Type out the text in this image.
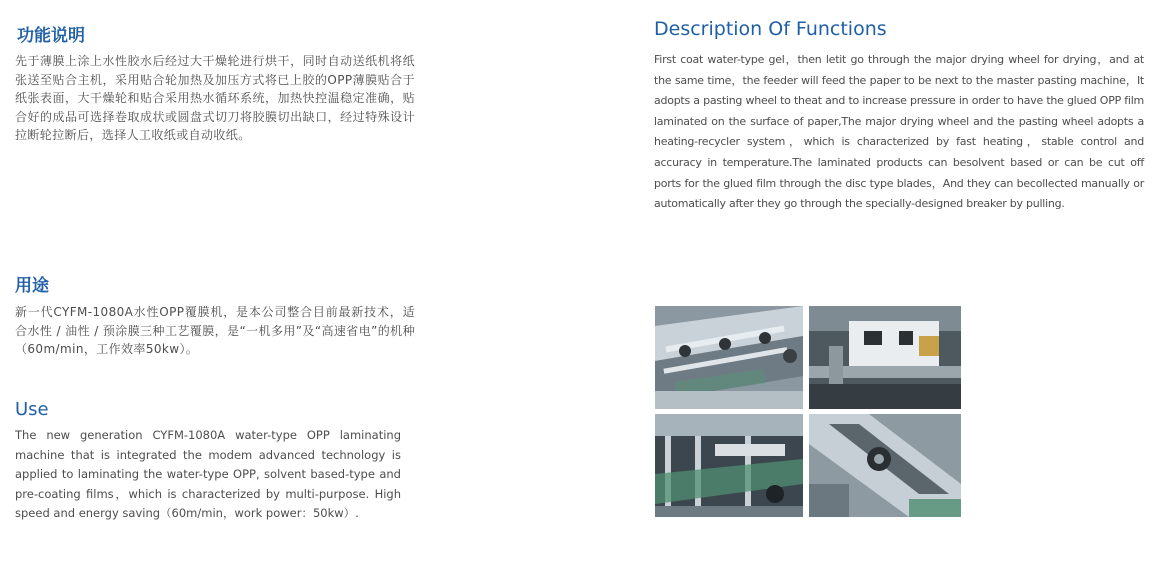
功能说明

先于薄膜上涂上水性胶水后经过大干燥轮进行烘干，同时自动送纸机将纸张送至贴合主机，采用贴合轮加热及加压方式将已上胶的OPP薄膜贴合于纸张表面，大干燥轮和贴合采用热水循环系统，加热快控温稳定准确，贴合好的成品可选择卷取成状或圆盘式切刀将胶膜切出缺口，经过特殊设计拉断轮拉断后，选择人工收纸或自动收纸。

Description Of Functions

First coat water-type gel，then letit go through the major drying wheel for drying，and at the same time，the feeder will feed the paper to be next to the master pasting machine，It adopts a pasting wheel to theat and to increase pressure in order to have the glued OPP film laminated on the surface of paper,The major drying wheel and the pasting wheel adopts a heating-recycler system，which is characterized by fast heating，stable control and accuracy in temperature.The laminated products can besolvent based or can be cut off ports for the glued film through the disc type blades，And they can becollected manually or automatically after they go through the specially-designed breaker by pulling.

用途

新一代CYFM-1080A水性OPP覆膜机，是本公司整合目前最新技术，适合水性 / 油性 / 预涂膜三种工艺覆膜，是“一机多用”及“高速省电”的机种（60m/min，工作效率50kw）。

Use

The new generation CYFM-1080A water-type OPP laminating machine that is integrated the modem advanced technology is applied to laminating the water-type OPP, solvent based-type and pre-coating films，which is characterized by multi-purpose. High speed and energy saving（60m/min，work power：50kw）.
